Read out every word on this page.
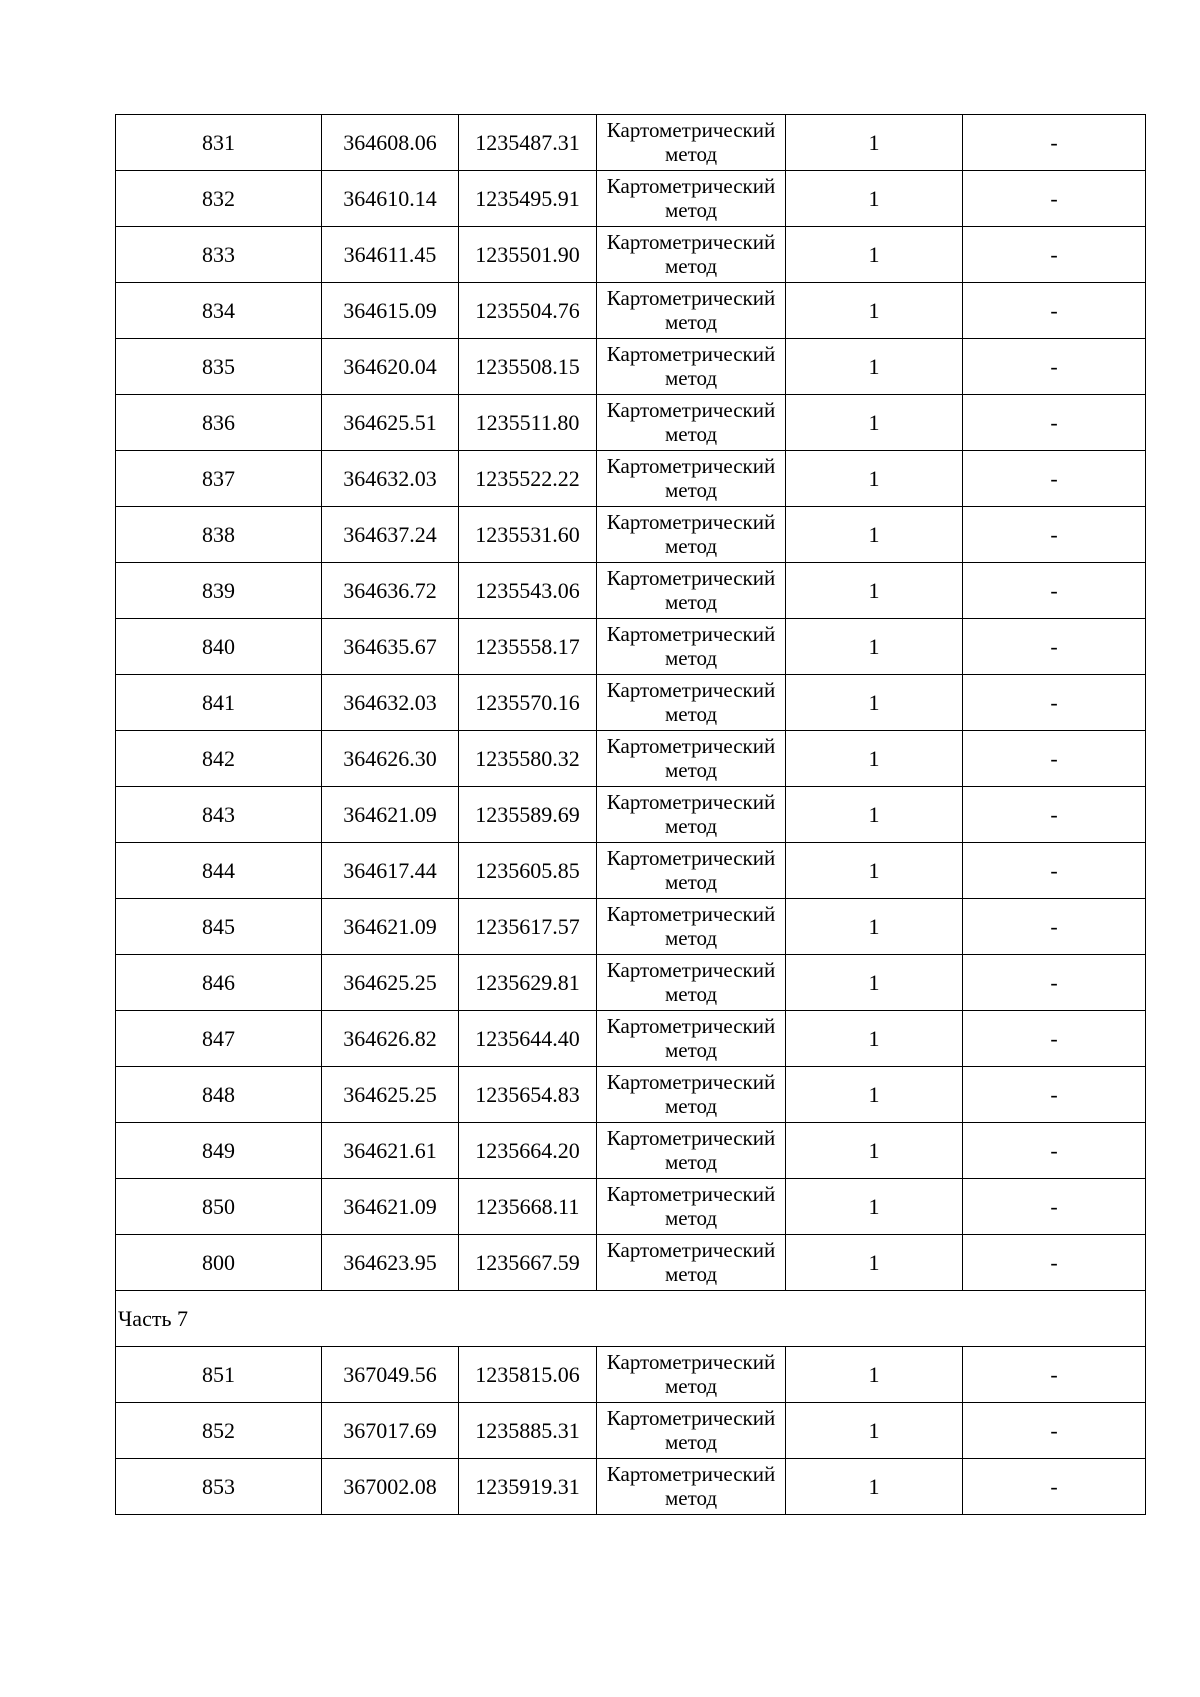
831	364608.06	1235487.31	Картометрический метод	1	-
832	364610.14	1235495.91	Картометрический метод	1	-
833	364611.45	1235501.90	Картометрический метод	1	-
834	364615.09	1235504.76	Картометрический метод	1	-
835	364620.04	1235508.15	Картометрический метод	1	-
836	364625.51	1235511.80	Картометрический метод	1	-
837	364632.03	1235522.22	Картометрический метод	1	-
838	364637.24	1235531.60	Картометрический метод	1	-
839	364636.72	1235543.06	Картометрический метод	1	-
840	364635.67	1235558.17	Картометрический метод	1	-
841	364632.03	1235570.16	Картометрический метод	1	-
842	364626.30	1235580.32	Картометрический метод	1	-
843	364621.09	1235589.69	Картометрический метод	1	-
844	364617.44	1235605.85	Картометрический метод	1	-
845	364621.09	1235617.57	Картометрический метод	1	-
846	364625.25	1235629.81	Картометрический метод	1	-
847	364626.82	1235644.40	Картометрический метод	1	-
848	364625.25	1235654.83	Картометрический метод	1	-
849	364621.61	1235664.20	Картометрический метод	1	-
850	364621.09	1235668.11	Картометрический метод	1	-
800	364623.95	1235667.59	Картометрический метод	1	-
Часть 7					
851	367049.56	1235815.06	Картометрический метод	1	-
852	367017.69	1235885.31	Картометрический метод	1	-
853	367002.08	1235919.31	Картометрический метод	1	-
